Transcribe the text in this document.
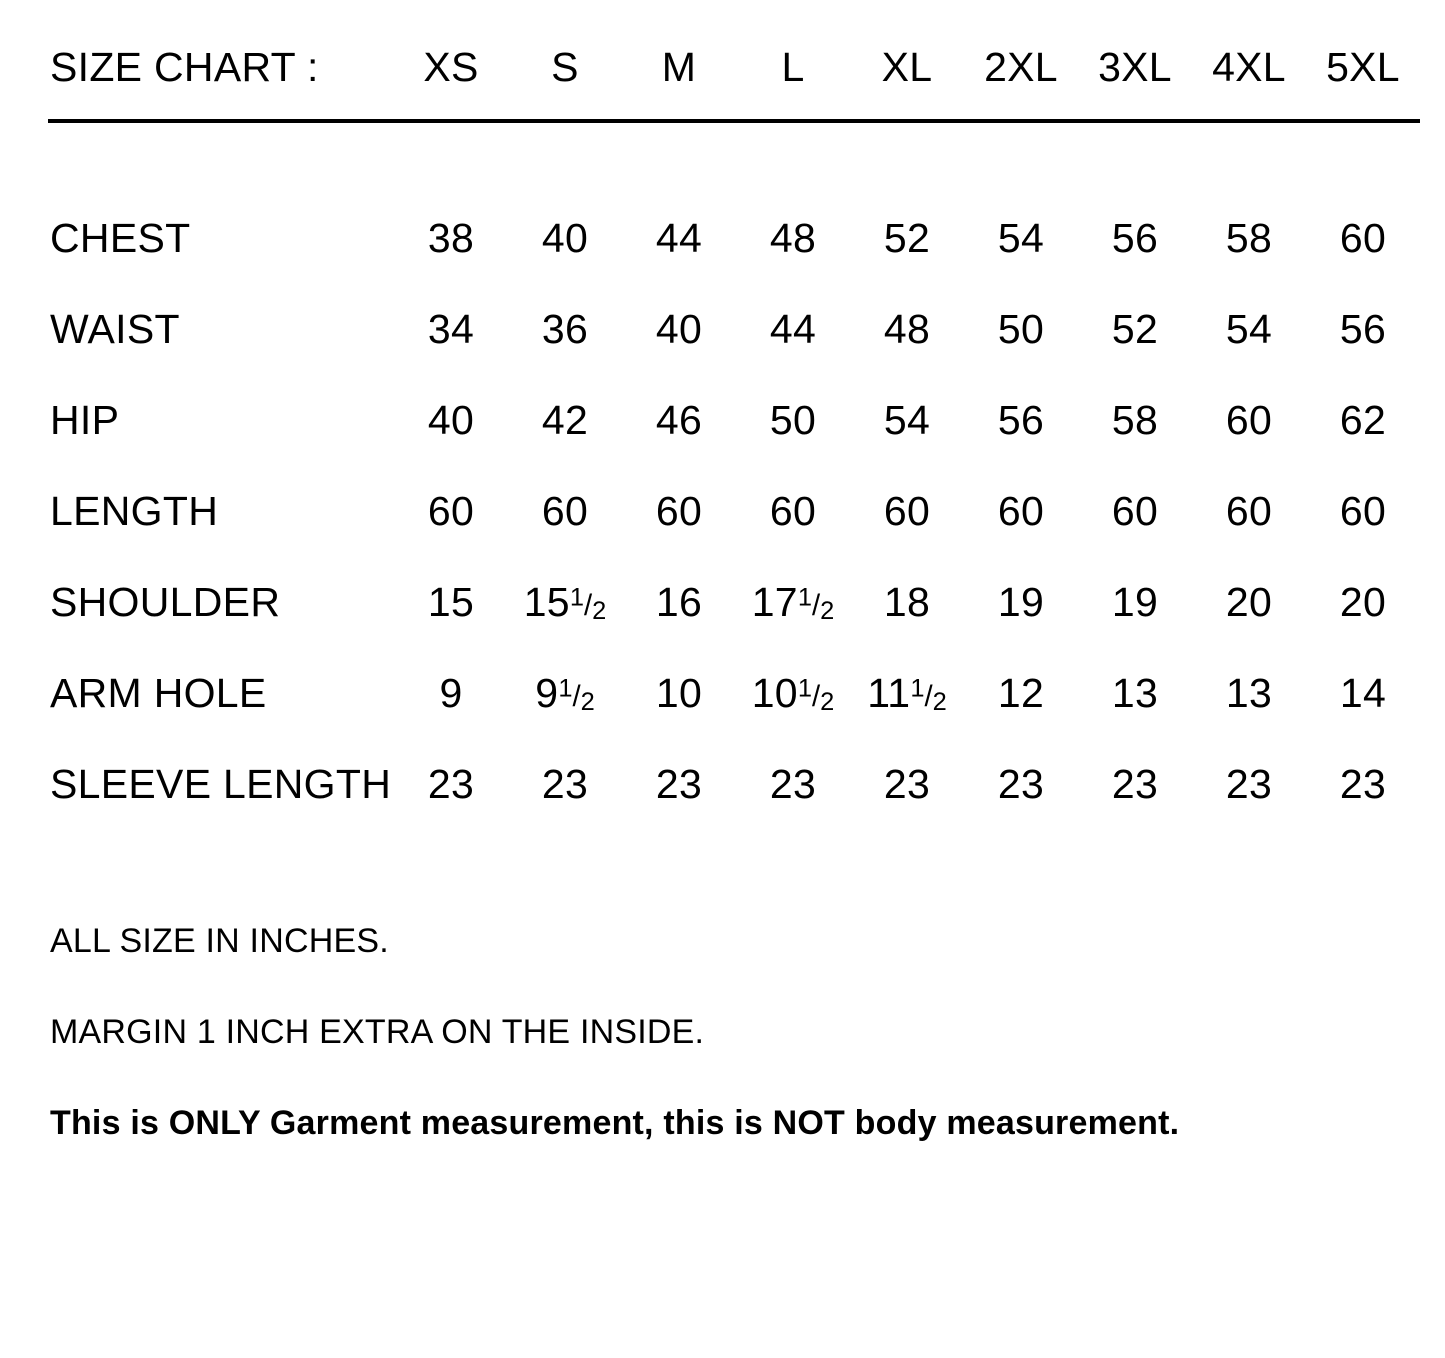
SIZE CHART :	XS	S	M	L	XL	2XL	3XL	4XL	5XL

CHEST	38	40	44	48	52	54	56	58	60
WAIST	34	36	40	44	48	50	52	54	56
HIP	40	42	46	50	54	56	58	60	62
LENGTH	60	60	60	60	60	60	60	60	60
SHOULDER	15	$15^1/_2$	16	$17^1/_2$	18	19	19	20	20
ARM HOLE	9	$9^1/_2$	10	$10^1/_2$	$11^1/_2$	12	13	13	14
SLEEVE LENGTH	23	23	23	23	23	23	23	23	23

ALL SIZE IN INCHES.

MARGIN 1 INCH EXTRA ON THE INSIDE.

This is ONLY Garment measurement, this is NOT body measurement.
